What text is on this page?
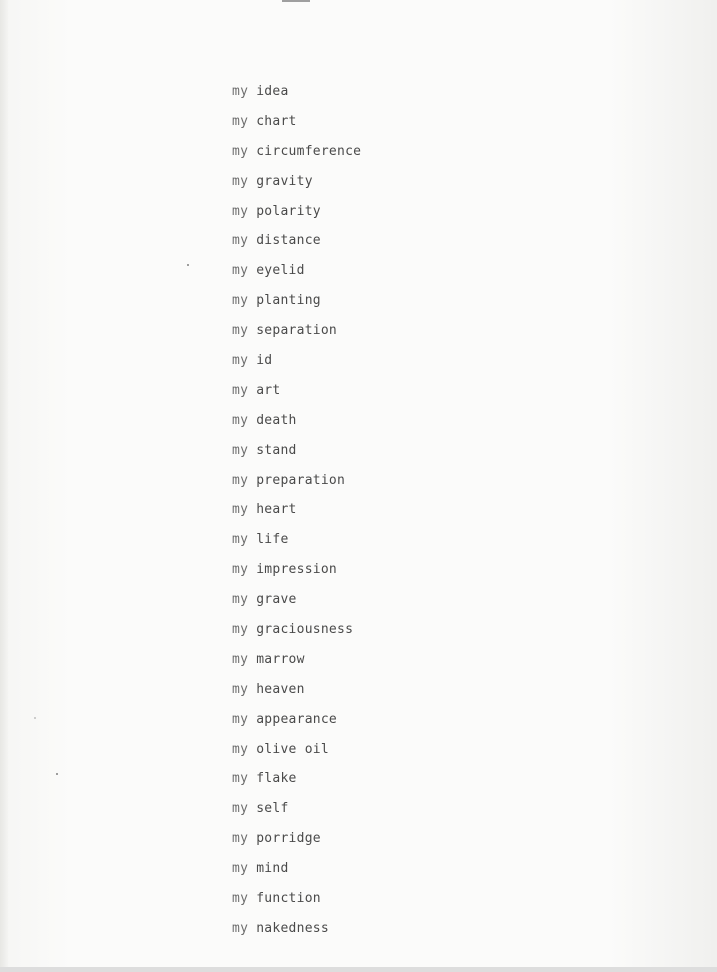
my idea
my chart
my circumference
my gravity
my polarity
my distance
my eyelid
my planting
my separation
my id
my art
my death
my stand
my preparation
my heart
my life
my impression
my grave
my graciousness
my marrow
my heaven
my appearance
my olive oil
my flake
my self
my porridge
my mind
my function
my nakedness
